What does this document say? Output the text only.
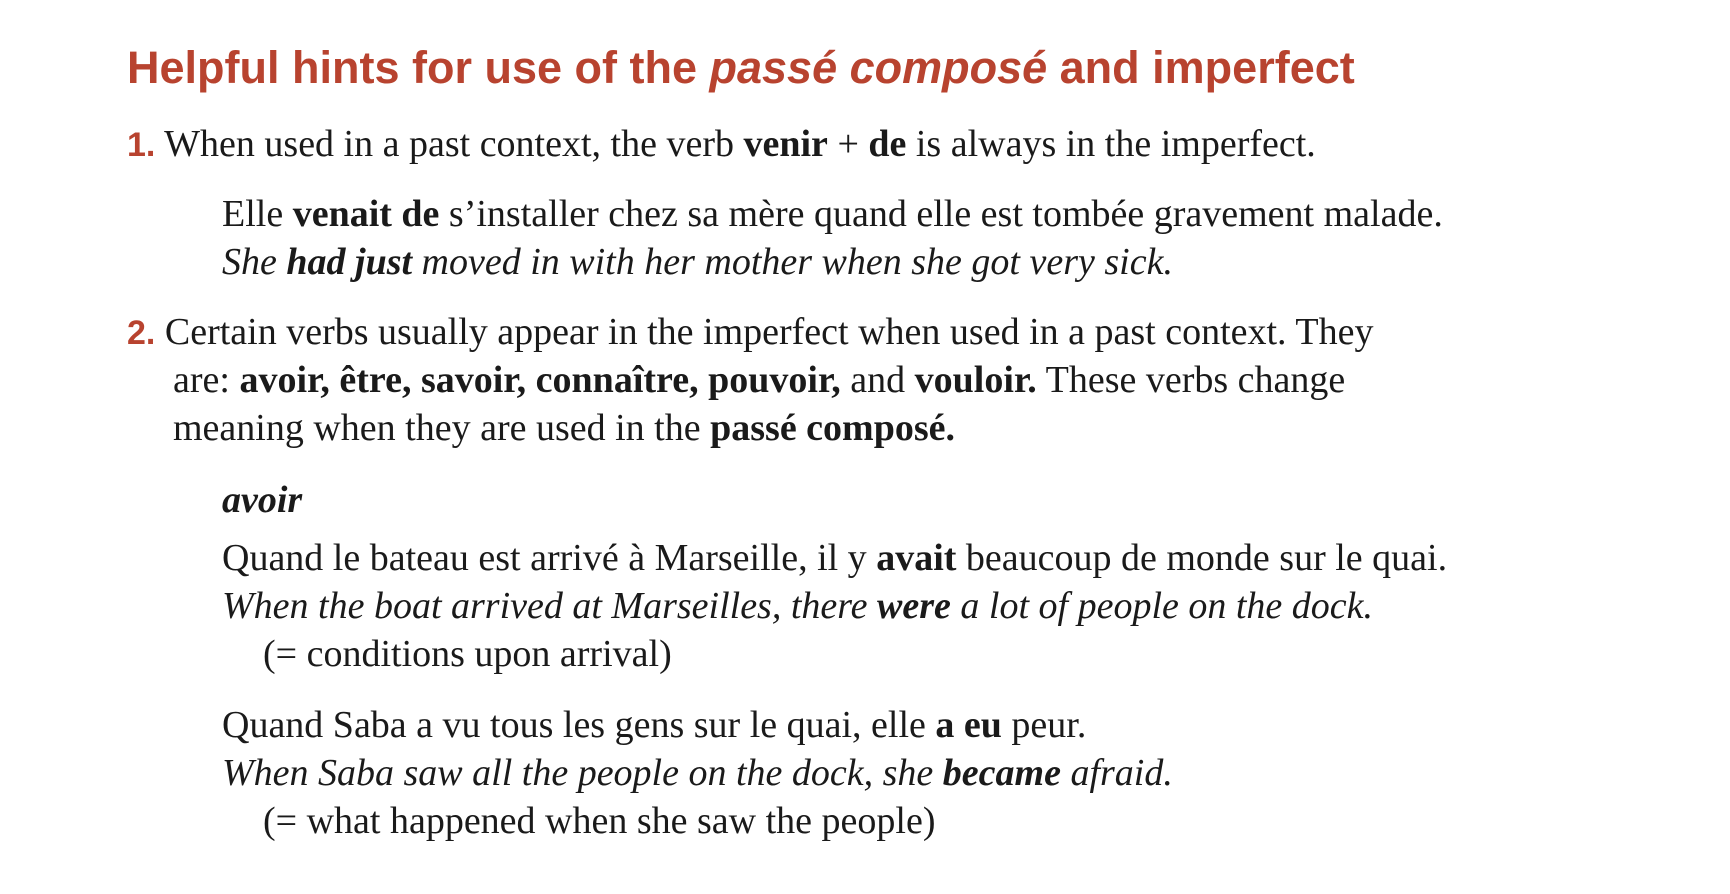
Helpful hints for use of the passé composé and imperfect
1. When used in a past context, the verb venir + de is always in the imperfect.
Elle venait de s’installer chez sa mère quand elle est tombée gravement malade.
She had just moved in with her mother when she got very sick.
2. Certain verbs usually appear in the imperfect when used in a past context. They
are: avoir, être, savoir, connaître, pouvoir, and vouloir. These verbs change
meaning when they are used in the passé composé.
avoir
Quand le bateau est arrivé à Marseille, il y avait beaucoup de monde sur le quai.
When the boat arrived at Marseilles, there were a lot of people on the dock.
(= conditions upon arrival)
Quand Saba a vu tous les gens sur le quai, elle a eu peur.
When Saba saw all the people on the dock, she became afraid.
(= what happened when she saw the people)
